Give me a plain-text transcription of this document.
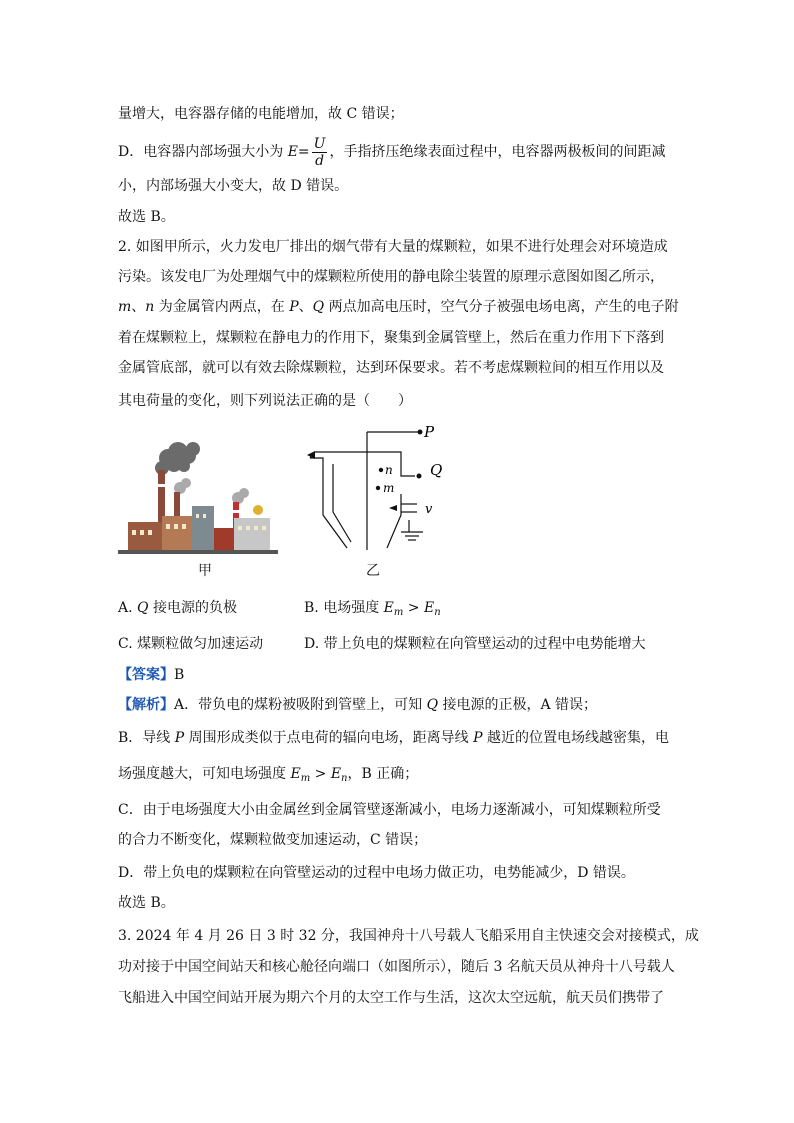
量增大，电容器存储的电能增加，故 C 错误；
D．电容器内部场强大小为 $E= \frac{U}{d}$ ，手指挤压绝缘表面过程中，电容器两极板间的间距减
小，内部场强大小变大，故 D 错误。
故选 B。
2. 如图甲所示，火力发电厂排出的烟气带有大量的煤颗粒，如果不进行处理会对环境造成
污染。该发电厂为处理烟气中的煤颗粒所使用的静电除尘装置的原理示意图如图乙所示，
m、n 为金属管内两点，在 P、Q 两点加高电压时，空气分子被强电场电离，产生的电子附
着在煤颗粒上，煤颗粒在静电力的作用下，聚集到金属管壁上，然后在重力作用下下落到
金属管底部，就可以有效去除煤颗粒，达到环保要求。若不考虑煤颗粒间的相互作用以及
其电荷量的变化，则下列说法正确的是（　　）
甲
P
Q
n
m
v
乙
A. Q 接电源的负极	B. 电场强度 $E_m > E_n$
C. 煤颗粒做匀加速运动	D. 带上负电的煤颗粒在向管壁运动的过程中电势能增大
【答案】B
【解析】A．带负电的煤粉被吸附到管壁上，可知 Q 接电源的正极，A 错误；
B．导线 P 周围形成类似于点电荷的辐向电场，距离导线 P 越近的位置电场线越密集，电
场强度越大，可知电场强度 $E_m > E_n$，B 正确；
C．由于电场强度大小由金属丝到金属管壁逐渐减小，电场力逐渐减小，可知煤颗粒所受
的合力不断变化，煤颗粒做变加速运动，C 错误；
D．带上负电的煤颗粒在向管壁运动的过程中电场力做正功，电势能减少，D 错误。
故选 B。
3. 2024 年 4 月 26 日 3 时 32 分，我国神舟十八号载人飞船采用自主快速交会对接模式，成
功对接于中国空间站天和核心舱径向端口（如图所示），随后 3 名航天员从神舟十八号载人
飞船进入中国空间站开展为期六个月的太空工作与生活，这次太空远航，航天员们携带了
